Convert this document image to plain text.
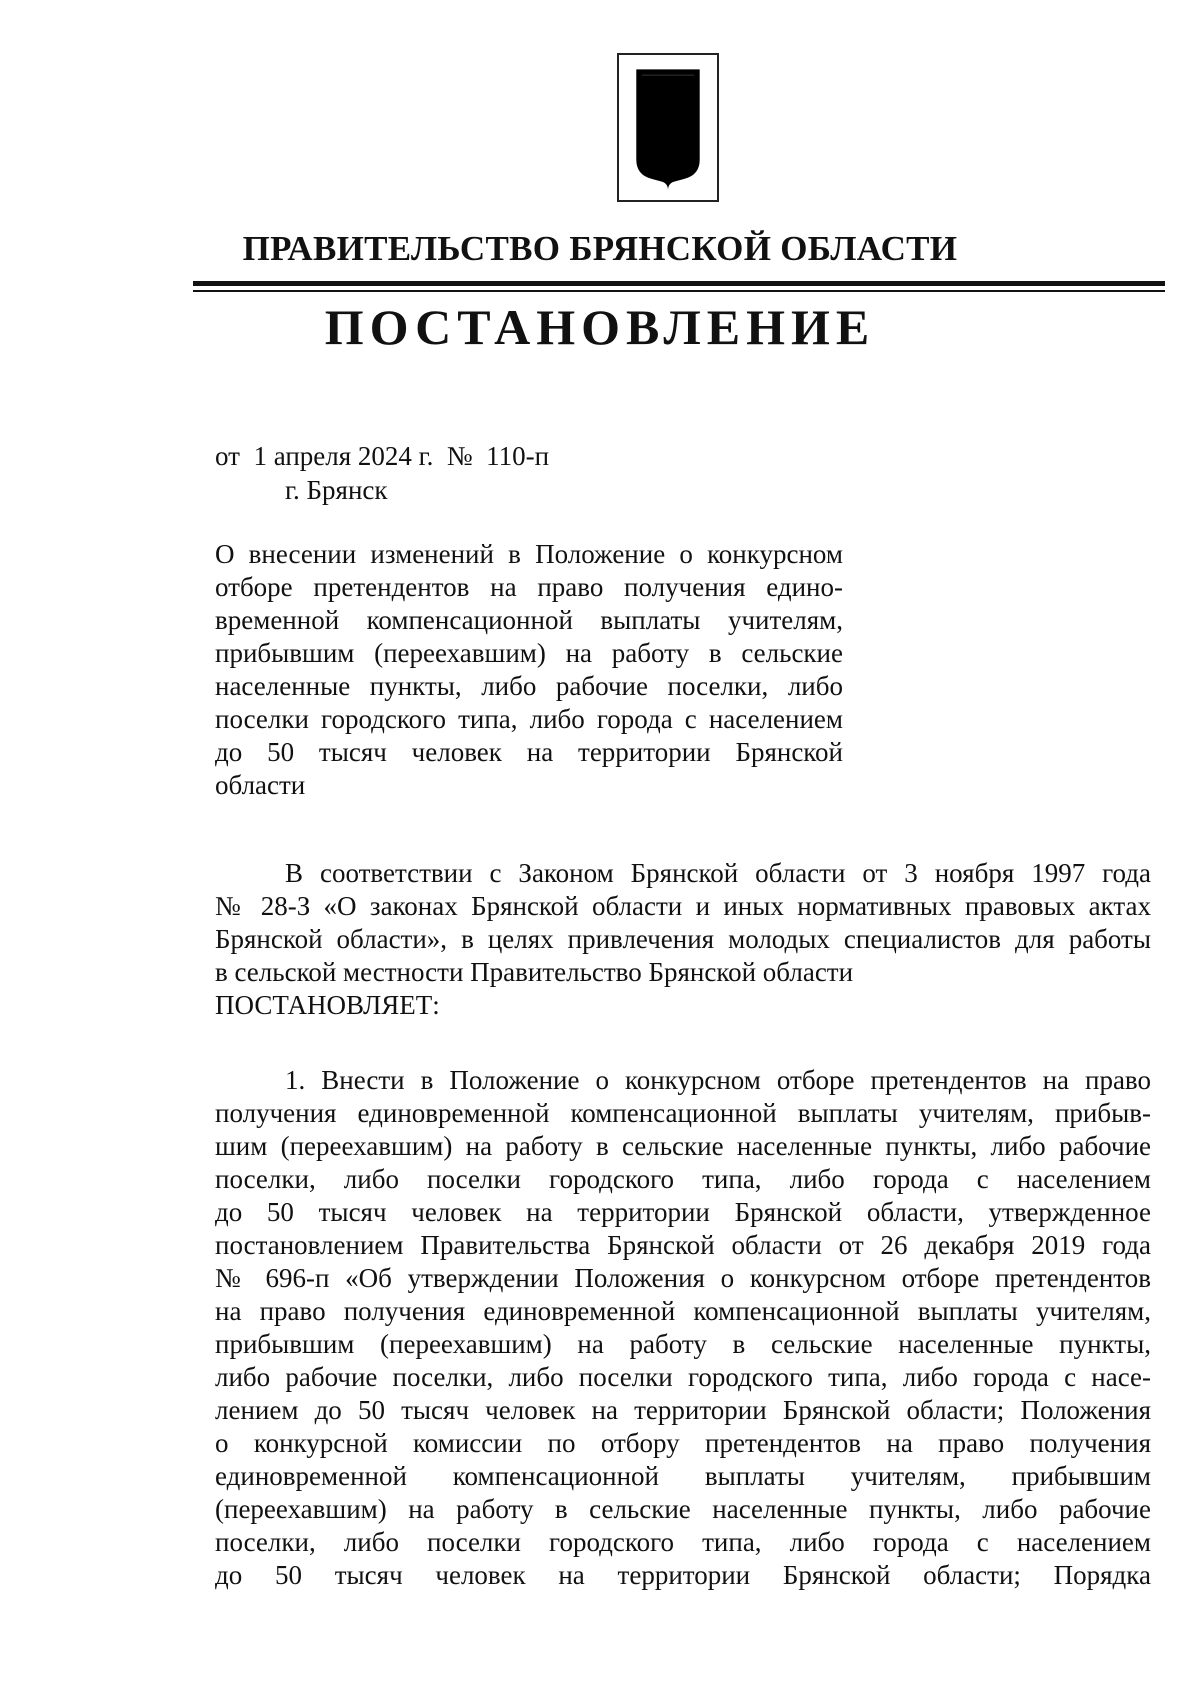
ПРАВИТЕЛЬСТВО БРЯНСКОЙ ОБЛАСТИ
ПОСТАНОВЛЕНИЕ
от  1 апреля 2024 г.  №  110-п
г. Брянск
О внесении изменений в Положение о конкурсном
отборе претендентов на право получения едино-
временной компенсационной выплаты учителям,
прибывшим (переехавшим) на работу в сельские
населенные пункты, либо рабочие поселки, либо
поселки городского типа, либо города с населением
до 50 тысяч человек на территории Брянской
области
В соответствии с Законом Брянской области от 3 ноября 1997 года
№ 28-З «О законах Брянской области и иных нормативных правовых актах
Брянской области», в целях привлечения молодых специалистов для работы
в сельской местности Правительство Брянской области
ПОСТАНОВЛЯЕТ:
1. Внести в Положение о конкурсном отборе претендентов на право
получения единовременной компенсационной выплаты учителям, прибыв-
шим (переехавшим) на работу в сельские населенные пункты, либо рабочие
поселки, либо поселки городского типа, либо города с населением
до 50 тысяч человек на территории Брянской области, утвержденное
постановлением Правительства Брянской области от 26 декабря 2019 года
№ 696-п «Об утверждении Положения о конкурсном отборе претендентов
на право получения единовременной компенсационной выплаты учителям,
прибывшим (переехавшим) на работу в сельские населенные пункты,
либо рабочие поселки, либо поселки городского типа, либо города с насе-
лением до 50 тысяч человек на территории Брянской области; Положения
о конкурсной комиссии по отбору претендентов на право получения
единовременной компенсационной выплаты учителям, прибывшим
(переехавшим) на работу в сельские населенные пункты, либо рабочие
поселки, либо поселки городского типа, либо города с населением
до 50 тысяч человек на территории Брянской области; Порядка
